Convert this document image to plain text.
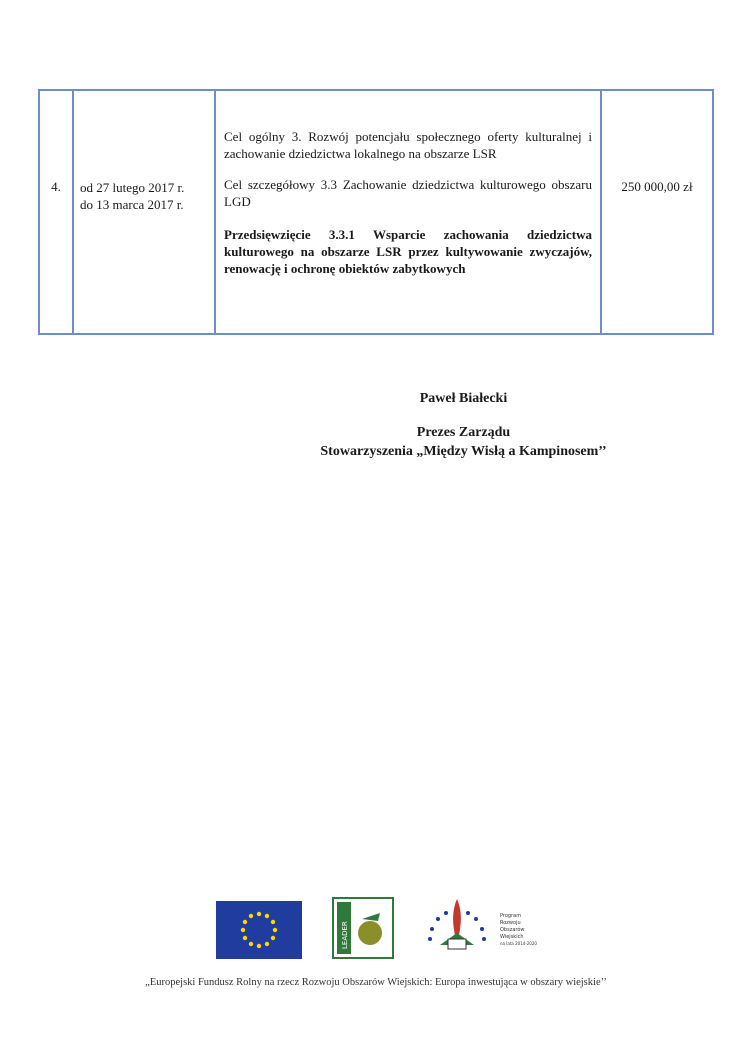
4.	od 27 lutego 2017 r.
do 13 marca 2017 r.

Cel ogólny 3. Rozwój potencjału społecznego oferty kulturalnej i zachowanie dziedzictwa lokalnego na obszarze LSR

Cel szczegółowy 3.3 Zachowanie dziedzictwa kulturowego obszaru LGD

Przedsięwzięcie 3.3.1 Wsparcie zachowania dziedzictwa kulturowego na obszarze LSR przez kultywowanie zwyczajów, renowację i ochronę obiektów zabytkowych

250 000,00 zł
Paweł Białecki
Prezes Zarządu
Stowarzyszenia „Między Wisłą a Kampinosem’’
LEADER
Program
Rozwoju
Obszarów
Wiejskich
na lata 2014-2020
„Europejski Fundusz Rolny na rzecz Rozwoju Obszarów Wiejskich: Europa inwestująca w obszary wiejskie’’
